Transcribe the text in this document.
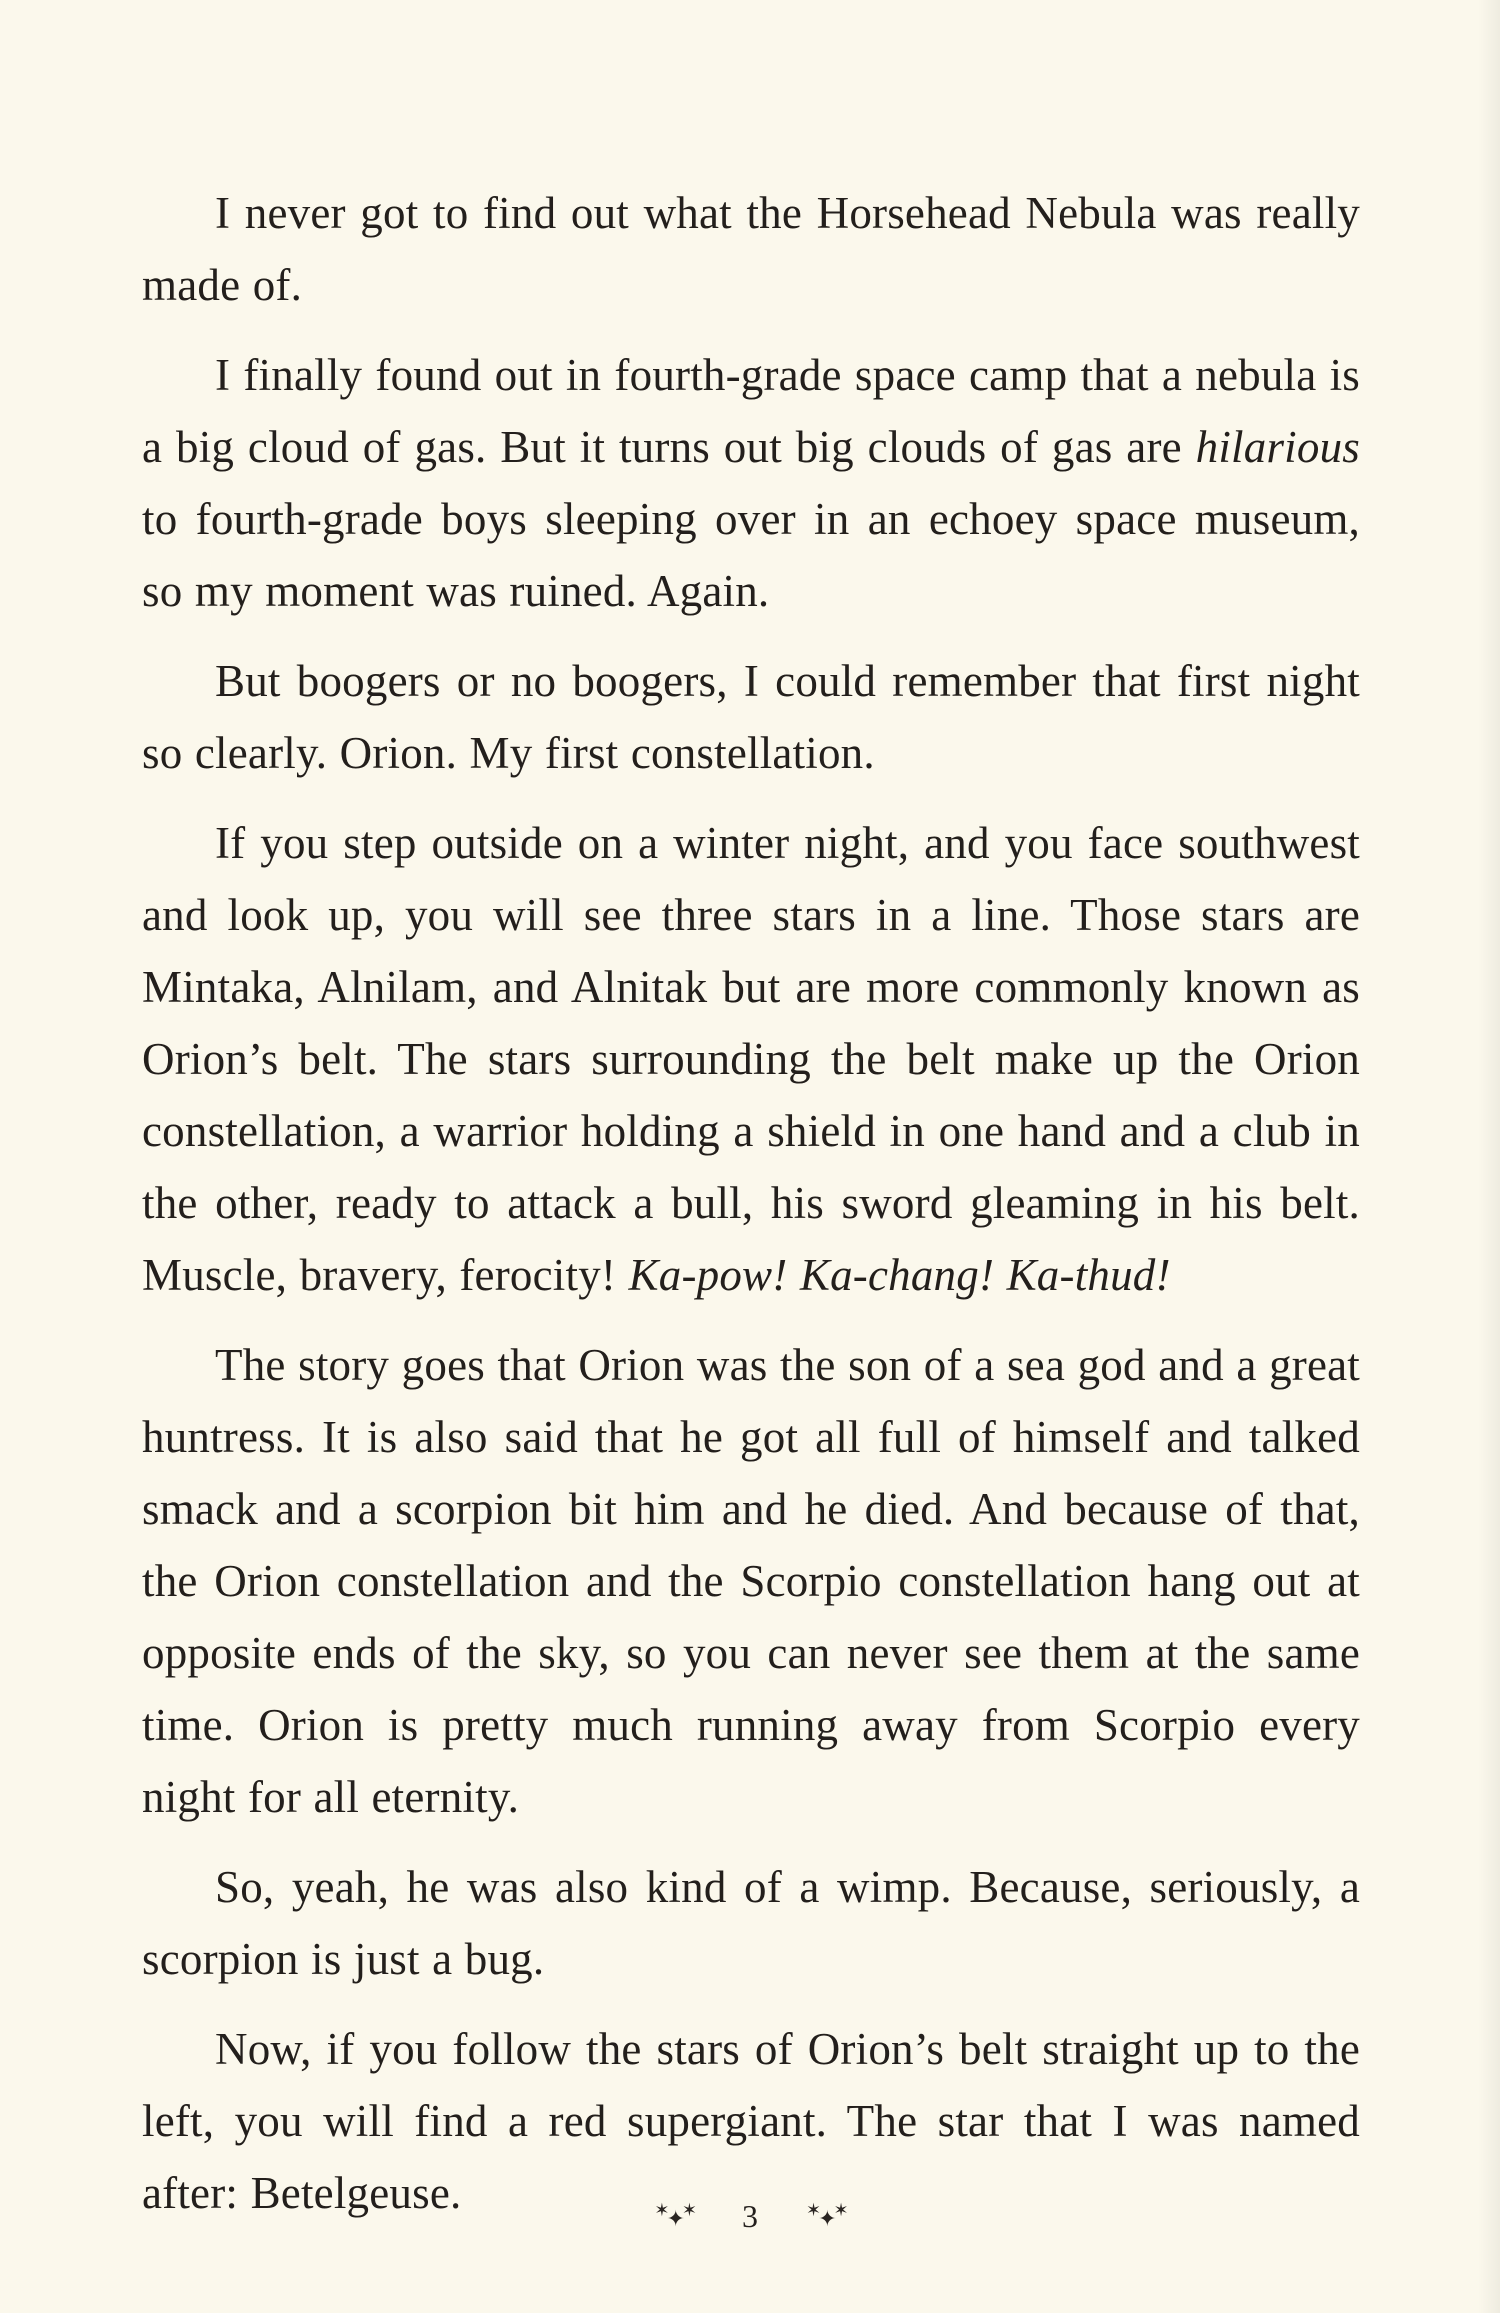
I never got to find out what the Horsehead Nebula was really made of.

I finally found out in fourth-grade space camp that a nebula is a big cloud of gas. But it turns out big clouds of gas are hilarious to fourth-grade boys sleeping over in an echoey space museum, so my moment was ruined. Again.

But boogers or no boogers, I could remember that first night so clearly. Orion. My first constellation.

If you step outside on a winter night, and you face southwest and look up, you will see three stars in a line. Those stars are Mintaka, Alnilam, and Alnitak but are more commonly known as Orion’s belt. The stars surrounding the belt make up the Orion constellation, a warrior holding a shield in one hand and a club in the other, ready to attack a bull, his sword gleaming in his belt. Muscle, bravery, ferocity! Ka-pow! Ka-chang! Ka-thud!

The story goes that Orion was the son of a sea god and a great huntress. It is also said that he got all full of himself and talked smack and a scorpion bit him and he died. And because of that, the Orion constellation and the Scorpio constellation hang out at opposite ends of the sky, so you can never see them at the same time. Orion is pretty much running away from Scorpio every night for all eternity.

So, yeah, he was also kind of a wimp. Because, seriously, a scorpion is just a bug.

Now, if you follow the stars of Orion’s belt straight up to the left, you will find a red supergiant. The star that I was named after: Betelgeuse.	✶✦✶ 3	✶✦✶
